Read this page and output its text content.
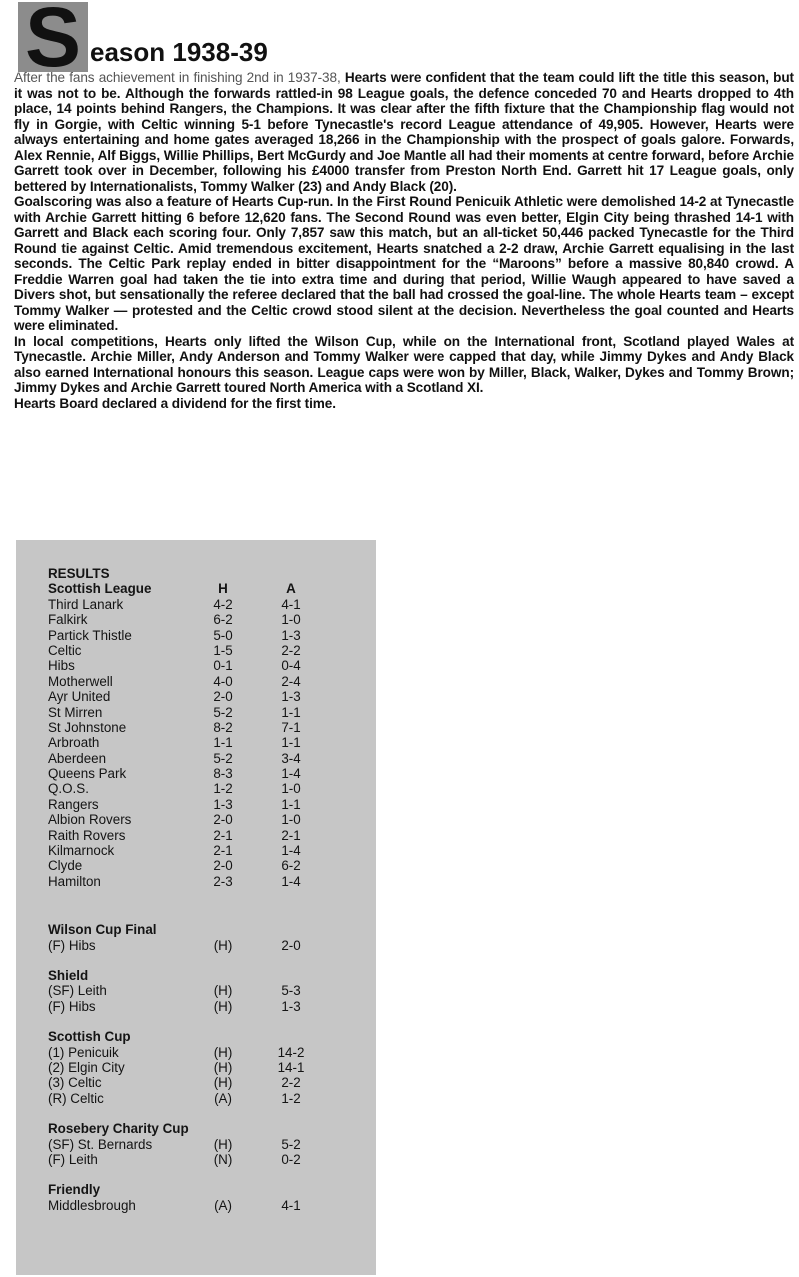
S eason 1938-39

After the fans achievement in finishing 2nd in 1937-38, Hearts were confident that the team could lift the title this season, but it was not to be. Although the forwards rattled-in 98 League goals, the defence conceded 70 and Hearts dropped to 4th place, 14 points behind Rangers, the Champions. It was clear after the fifth fixture that the Championship flag would not fly in Gorgie, with Celtic winning 5-1 before Tynecastle's record League attendance of 49,905. However, Hearts were always entertaining and home gates averaged 18,266 in the Championship with the prospect of goals galore. Forwards, Alex Rennie, Alf Biggs, Willie Phillips, Bert McGurdy and Joe Mantle all had their moments at centre forward, before Archie Garrett took over in December, following his £4000 transfer from Preston North End. Garrett hit 17 League goals, only bettered by Internationalists, Tommy Walker (23) and Andy Black (20).

Goalscoring was also a feature of Hearts Cup-run. In the First Round Penicuik Athletic were demolished 14-2 at Tynecastle with Archie Garrett hitting 6 before 12,620 fans. The Second Round was even better, Elgin City being thrashed 14-1 with Garrett and Black each scoring four. Only 7,857 saw this match, but an all-ticket 50,446 packed Tynecastle for the Third Round tie against Celtic. Amid tremendous excitement, Hearts snatched a 2-2 draw, Archie Garrett equalising in the last seconds. The Celtic Park replay ended in bitter disappointment for the “Maroons” before a massive 80,840 crowd. A Freddie Warren goal had taken the tie into extra time and during that period, Willie Waugh appeared to have saved a Divers shot, but sensationally the referee declared that the ball had crossed the goal-line. The whole Hearts team – except Tommy Walker — protested and the Celtic crowd stood silent at the decision. Nevertheless the goal counted and Hearts were eliminated.

In local competitions, Hearts only lifted the Wilson Cup, while on the International front, Scotland played Wales at Tynecastle. Archie Miller, Andy Anderson and Tommy Walker were capped that day, while Jimmy Dykes and Andy Black also earned International honours this season. League caps were won by Miller, Black, Walker, Dykes and Tommy Brown; Jimmy Dykes and Archie Garrett toured North America with a Scotland XI.

Hearts Board declared a dividend for the first time.

RESULTS
Scottish League	H	A
Third Lanark	4-2	4-1
Falkirk	6-2	1-0
Partick Thistle	5-0	1-3
Celtic	1-5	2-2
Hibs	0-1	0-4
Motherwell	4-0	2-4
Ayr United	2-0	1-3
St Mirren	5-2	1-1
St Johnstone	8-2	7-1
Arbroath	1-1	1-1
Aberdeen	5-2	3-4
Queens Park	8-3	1-4
Q.O.S.	1-2	1-0
Rangers	1-3	1-1
Albion Rovers	2-0	1-0
Raith Rovers	2-1	2-1
Kilmarnock	2-1	1-4
Clyde	2-0	6-2
Hamilton	2-3	1-4
Wilson Cup Final
(F) Hibs	(H)	2-0
Shield
(SF) Leith	(H)	5-3
(F) Hibs	(H)	1-3
Scottish Cup
(1) Penicuik	(H)	14-2
(2) Elgin City	(H)	14-1
(3) Celtic	(H)	2-2
(R) Celtic	(A)	1-2
Rosebery Charity Cup
(SF) St. Bernards	(H)	5-2
(F) Leith	(N)	0-2
Friendly
Middlesbrough	(A)	4-1
